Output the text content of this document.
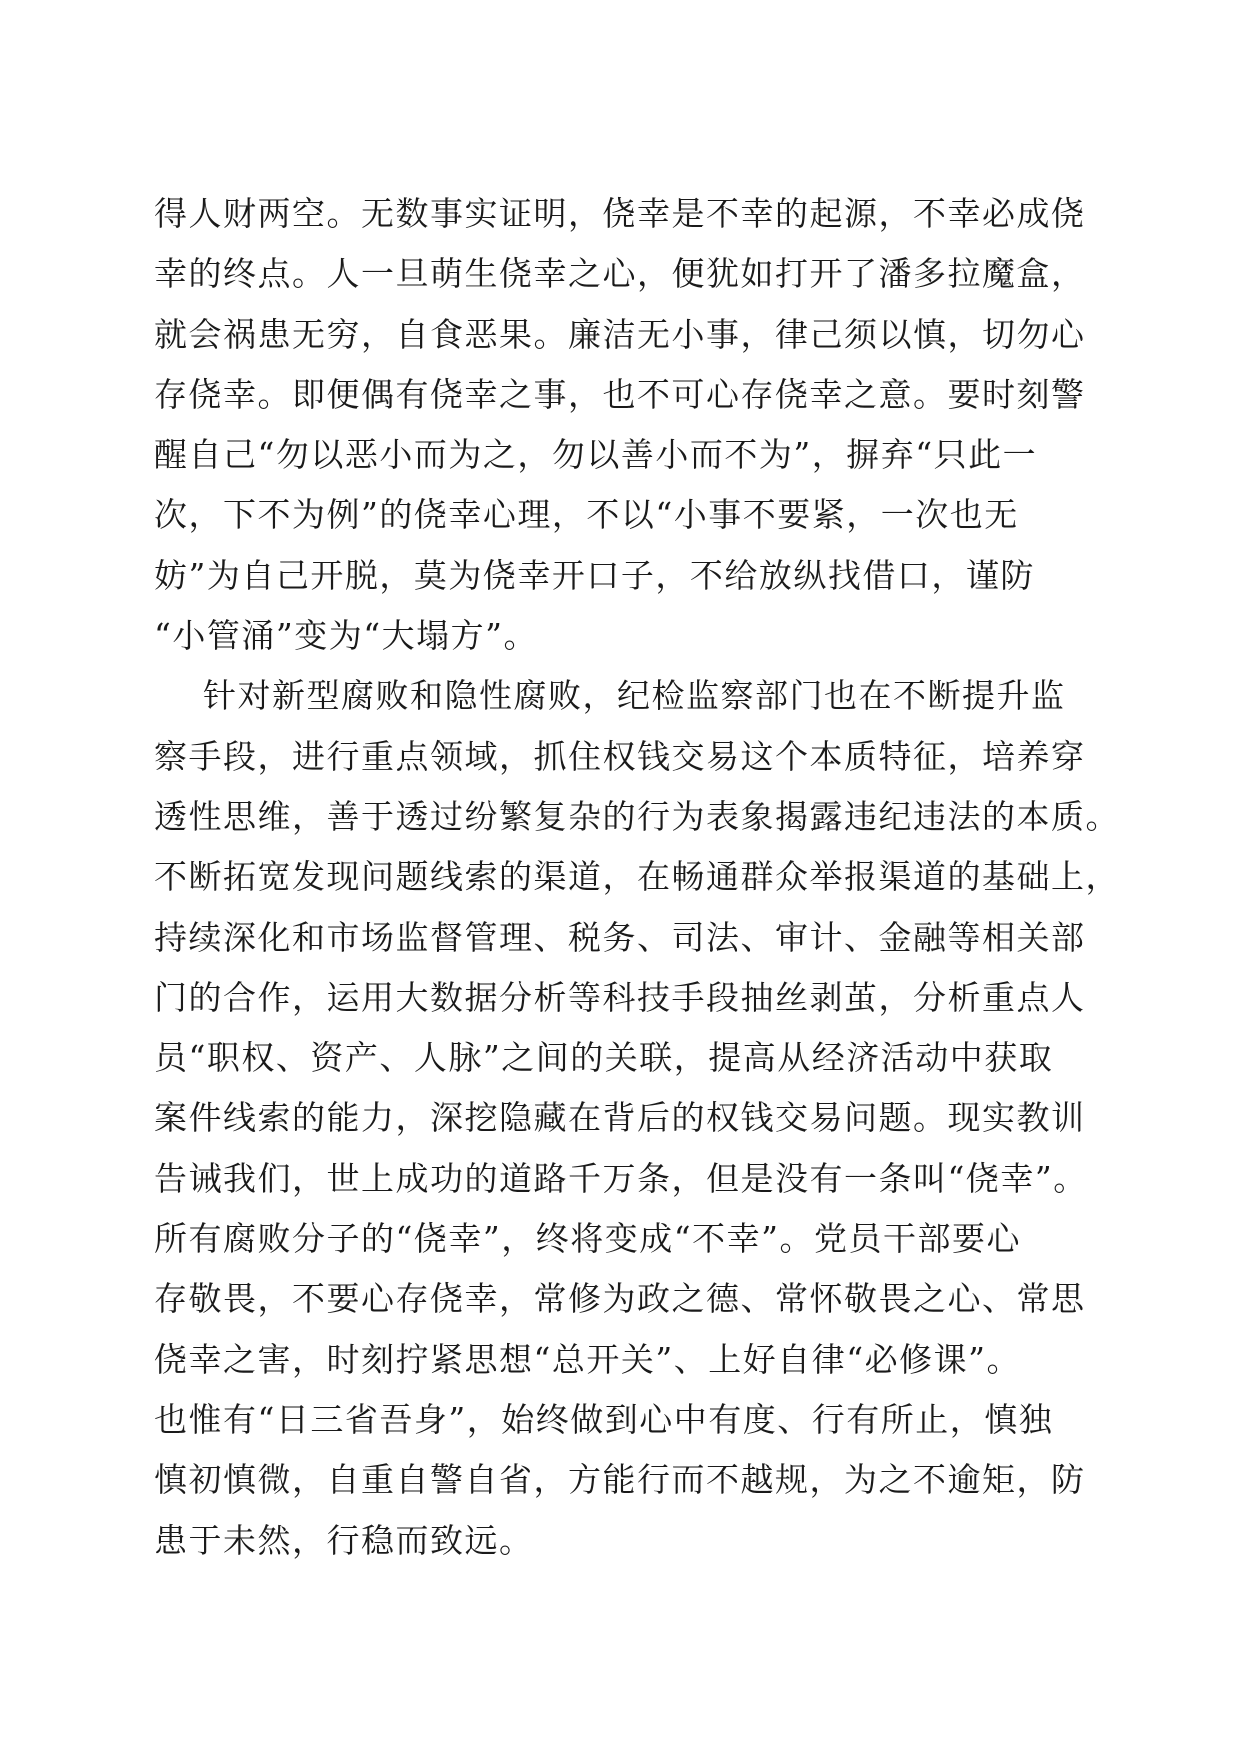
得人财两空。无数事实证明，侥幸是不幸的起源，不幸必成侥
幸的终点。人一旦萌生侥幸之心，便犹如打开了潘多拉魔盒，
就会祸患无穷，自食恶果。廉洁无小事，律己须以慎，切勿心
存侥幸。即便偶有侥幸之事，也不可心存侥幸之意。要时刻警
醒自己“勿以恶小而为之，勿以善小而不为”，摒弃“只此一
次，下不为例”的侥幸心理，不以“小事不要紧，一次也无
妨”为自己开脱，莫为侥幸开口子，不给放纵找借口，谨防
“小管涌”变为“大塌方”。
针对新型腐败和隐性腐败，纪检监察部门也在不断提升监
察手段，进行重点领域，抓住权钱交易这个本质特征，培养穿
透性思维，善于透过纷繁复杂的行为表象揭露违纪违法的本质。
不断拓宽发现问题线索的渠道，在畅通群众举报渠道的基础上，
持续深化和市场监督管理、税务、司法、审计、金融等相关部
门的合作，运用大数据分析等科技手段抽丝剥茧，分析重点人
员“职权、资产、人脉”之间的关联，提高从经济活动中获取
案件线索的能力，深挖隐藏在背后的权钱交易问题。现实教训
告诫我们，世上成功的道路千万条，但是没有一条叫“侥幸”。
所有腐败分子的“侥幸”，终将变成“不幸”。党员干部要心
存敬畏，不要心存侥幸，常修为政之德、常怀敬畏之心、常思
侥幸之害，时刻拧紧思想“总开关”、上好自律“必修课”。
也惟有“日三省吾身”，始终做到心中有度、行有所止，慎独
慎初慎微，自重自警自省，方能行而不越规，为之不逾矩，防
患于未然，行稳而致远。
